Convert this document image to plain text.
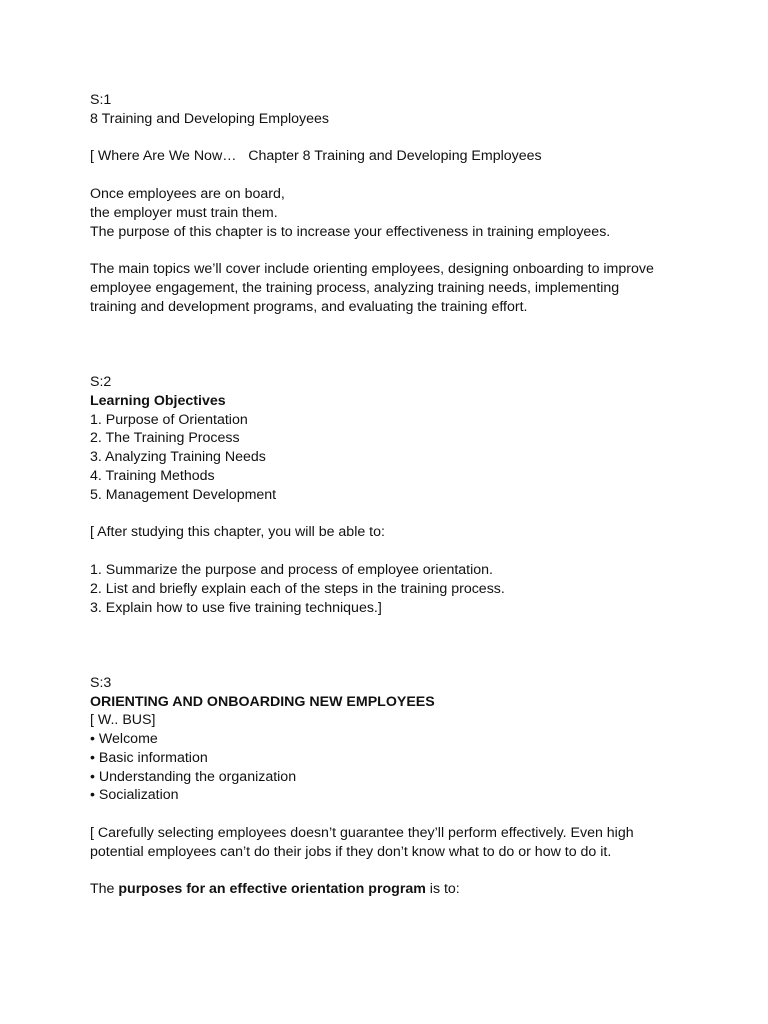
S:1
8 Training and Developing Employees
[ Where Are We Now…   Chapter 8 Training and Developing Employees
Once employees are on board,
the employer must train them.
The purpose of this chapter is to increase your effectiveness in training employees.
The main topics we’ll cover include orienting employees, designing onboarding to improve employee engagement, the training process, analyzing training needs, implementing training and development programs, and evaluating the training effort.
S:2
Learning Objectives
1. Purpose of Orientation
2. The Training Process
3. Analyzing Training Needs
4. Training Methods
5. Management Development
[ After studying this chapter, you will be able to:
1. Summarize the purpose and process of employee orientation.
2. List and briefly explain each of the steps in the training process.
3. Explain how to use five training techniques.]
S:3
ORIENTING AND ONBOARDING NEW EMPLOYEES
[ W.. BUS]
• Welcome
• Basic information
• Understanding the organization
• Socialization
[ Carefully selecting employees doesn’t guarantee they’ll perform effectively. Even high potential employees can’t do their jobs if they don’t know what to do or how to do it.
The purposes for an effective orientation program is to:
